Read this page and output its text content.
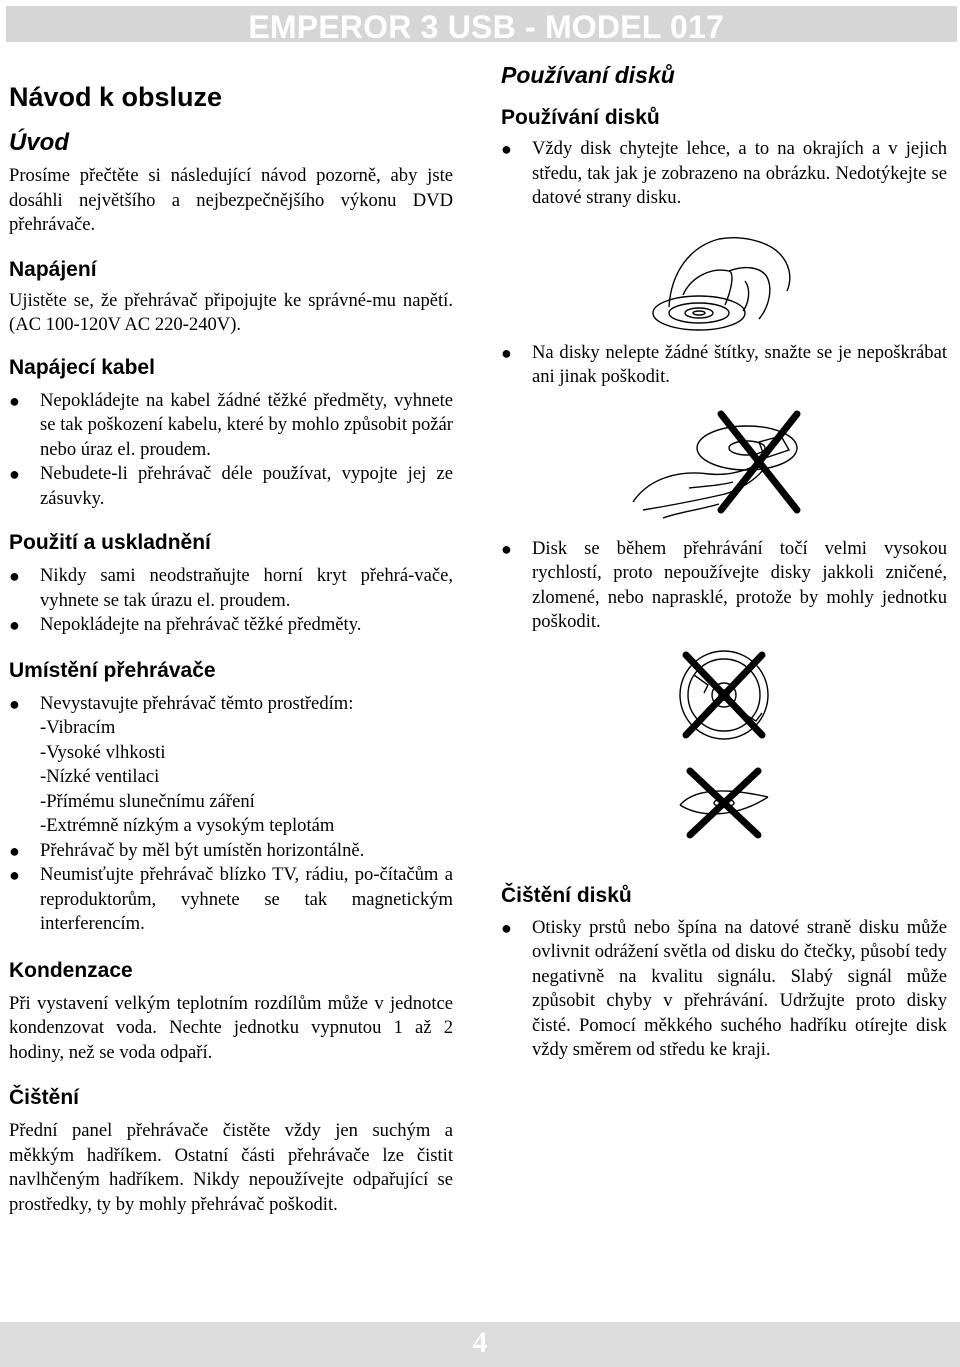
EMPEROR 3 USB - MODEL 017
Návod k obsluze
Úvod

Prosíme přečtěte si následující návod pozorně, aby jste dosáhli největšího a nejbezpečnějšího výkonu DVD přehrávače.

Napájení

Ujistěte se, že přehrávač připojujte ke správné-mu napětí.(AC 100-120V AC 220-240V).

Napájecí kabel
● Nepokládejte na kabel žádné těžké předměty, vyhnete se tak poškození kabelu, které by mohlo způsobit požár nebo úraz el. proudem.
● Nebudete-li přehrávač déle používat, vypojte jej ze zásuvky.
Použití a uskladnění
● Nikdy sami neodstraňujte horní kryt přehrá-vače, vyhnete se tak úrazu el. proudem.
● Nepokládejte na přehrávač těžké předměty.
Umístění přehrávače
● Nevystavujte přehrávač těmto prostředím:
-Vibracím
-Vysoké vlhkosti
-Nízké ventilaci
-Přímému slunečnímu záření
-Extrémně nízkým a vysokým teplotám
● Přehrávač by měl být umístěn horizontálně.
● Neumisťujte přehrávač blízko TV, rádiu, po-čítačům a reproduktorům, vyhnete se tak magnetickým interferencím.
Kondenzace

Při vystavení velkým teplotním rozdílům může v jednotce kondenzovat voda. Nechte jednotku vypnutou 1 až 2 hodiny, než se voda odpaří.

Čištění

Přední panel přehrávače čistěte vždy jen suchým a měkkým hadříkem. Ostatní části přehrávače lze čistit navlhčeným hadříkem. Nikdy nepoužívejte odpařující se prostředky, ty by mohly přehrávač poškodit.

Používaní disků
Používání disků
● Vždy disk chytejte lehce, a to na okrajích a v jejich středu, tak jak je zobrazeno na obrázku. Nedotýkejte se datové strany disku.
● Na disky nelepte žádné štítky, snažte se je nepoškrábat ani jinak poškodit.
● Disk se během přehrávání točí velmi vysokou rychlostí, proto nepoužívejte disky jakkoli zničené, zlomené, nebo naprasklé, protože by mohly jednotku poškodit.
Čištění disků
● Otisky prstů nebo špína na datové straně disku může ovlivnit odrážení světla od disku do čtečky, působí tedy negativně na kvalitu signálu. Slabý signál může způsobit chyby v přehrávání. Udržujte proto disky čisté. Pomocí měkkého suchého hadříku otírejte disk vždy směrem od středu ke kraji.
4
